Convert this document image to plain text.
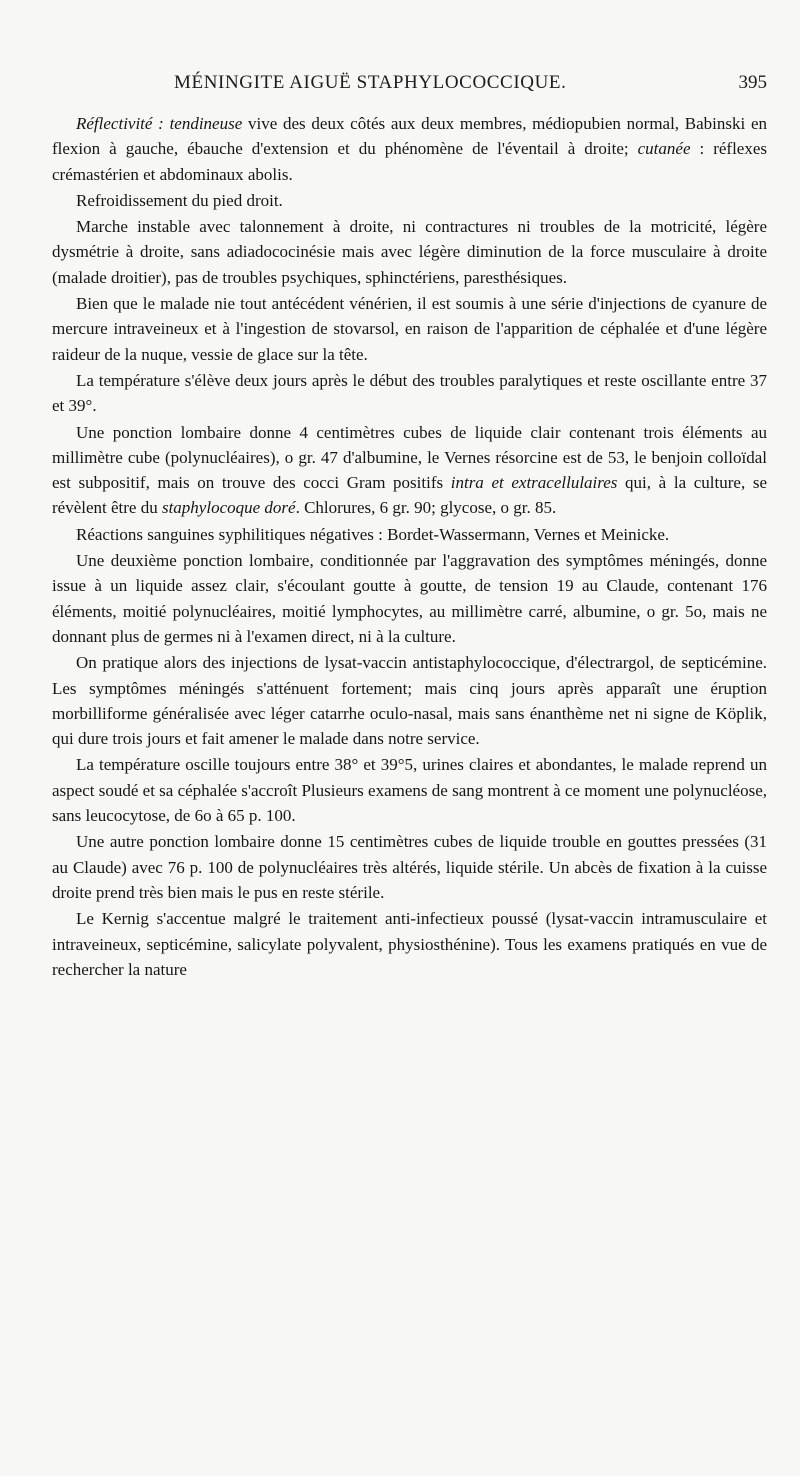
MÉNINGITE AIGUË STAPHYLOCOCCIQUE.	395

Réflectivité : tendineuse vive des deux côtés aux deux membres, médiopubien normal, Babinski en flexion à gauche, ébauche d'extension et du phénomène de l'éventail à droite; cutanée : réflexes crémastérien et abdominaux abolis.

Refroidissement du pied droit.

Marche instable avec talonnement à droite, ni contractures ni troubles de la motricité, légère dysmétrie à droite, sans adiadococinésie mais avec légère diminution de la force musculaire à droite (malade droitier), pas de troubles psychiques, sphinctériens, paresthésiques.

Bien que le malade nie tout antécédent vénérien, il est soumis à une série d'injections de cyanure de mercure intraveineux et à l'ingestion de stovarsol, en raison de l'apparition de céphalée et d'une légère raideur de la nuque, vessie de glace sur la tête.

La température s'élève deux jours après le début des troubles paralytiques et reste oscillante entre 37 et 39°.

Une ponction lombaire donne 4 centimètres cubes de liquide clair contenant trois éléments au millimètre cube (polynucléaires), o gr. 47 d'albumine, le Vernes résorcine est de 53, le benjoin colloïdal est subpositif, mais on trouve des cocci Gram positifs intra et extracellulaires qui, à la culture, se révèlent être du staphylocoque doré. Chlorures, 6 gr. 90; glycose, o gr. 85.

Réactions sanguines syphilitiques négatives : Bordet-Wassermann, Vernes et Meinicke.

Une deuxième ponction lombaire, conditionnée par l'aggravation des symptômes méningés, donne issue à un liquide assez clair, s'écoulant goutte à goutte, de tension 19 au Claude, contenant 176 éléments, moitié polynucléaires, moitié lymphocytes, au millimètre carré, albumine, o gr. 5o, mais ne donnant plus de germes ni à l'examen direct, ni à la culture.

On pratique alors des injections de lysat-vaccin antistaphylococcique, d'électrargol, de septicémine. Les symptômes méningés s'atténuent fortement; mais cinq jours après apparaît une éruption morbilliforme généralisée avec léger catarrhe oculo-nasal, mais sans énanthème net ni signe de Köplik, qui dure trois jours et fait amener le malade dans notre service.

La température oscille toujours entre 38° et 39°5, urines claires et abondantes, le malade reprend un aspect soudé et sa céphalée s'accroît Plusieurs examens de sang montrent à ce moment une polynucléose, sans leucocytose, de 6o à 65 p. 100.

Une autre ponction lombaire donne 15 centimètres cubes de liquide trouble en gouttes pressées (31 au Claude) avec 76 p. 100 de polynucléaires très altérés, liquide stérile. Un abcès de fixation à la cuisse droite prend très bien mais le pus en reste stérile.

Le Kernig s'accentue malgré le traitement anti-infectieux poussé (lysat-vaccin intramusculaire et intraveineux, septicémine, salicylate polyvalent, physiosthénine). Tous les examens pratiqués en vue de rechercher la nature
